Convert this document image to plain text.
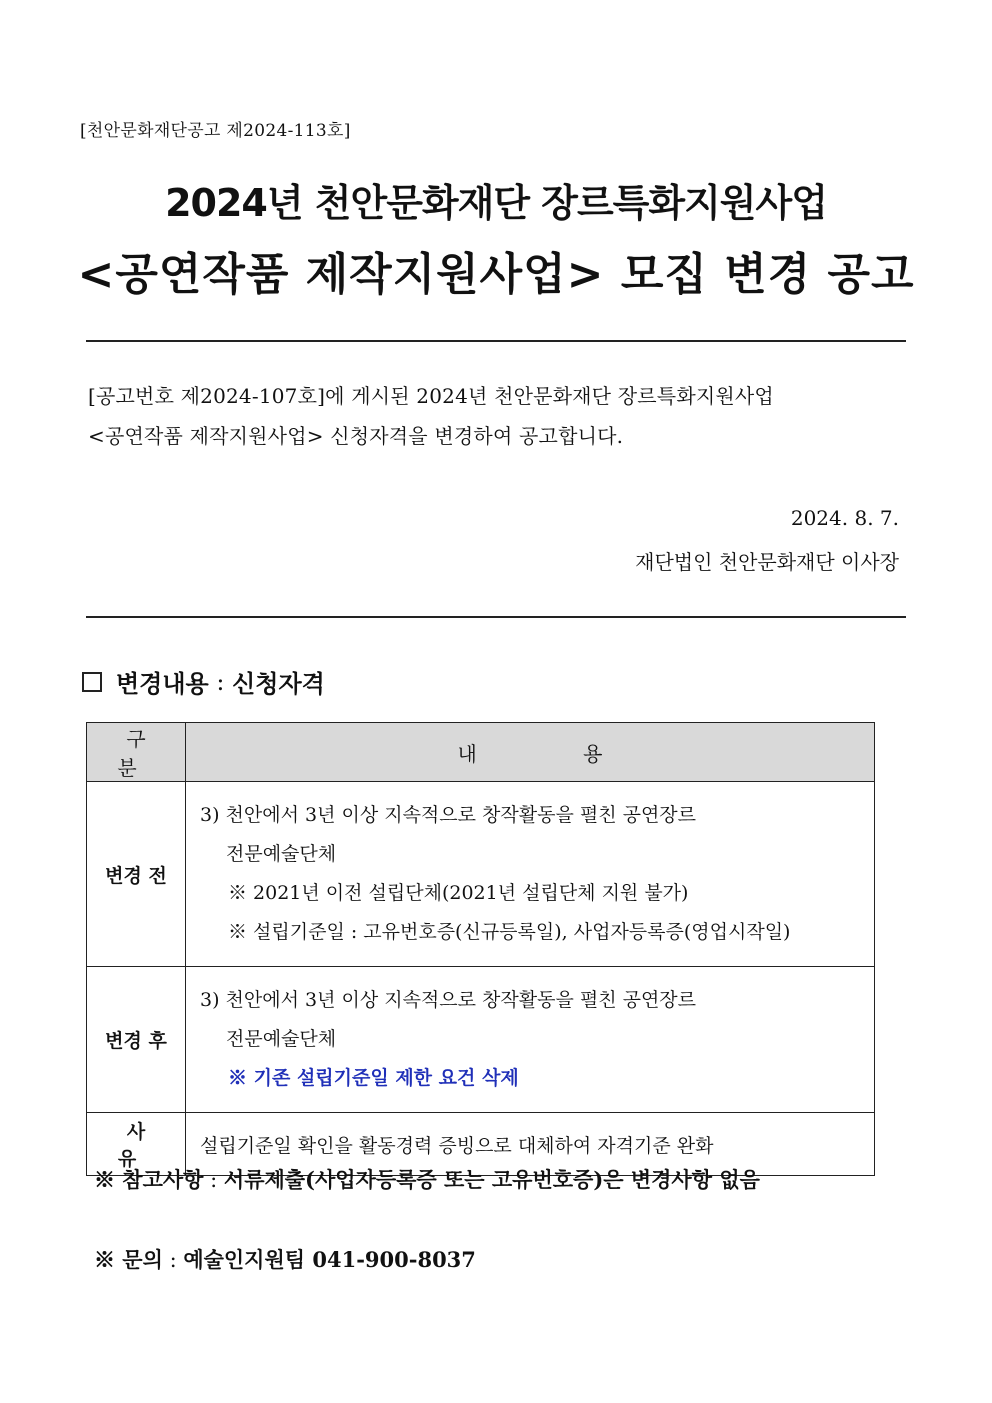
[천안문화재단공고 제2024-113호]
2024년 천안문화재단 장르특화지원사업
<공연작품 제작지원사업> 모집 변경 공고

[공고번호 제2024-107호]에 게시된 2024년 천안문화재단 장르특화지원사업

<공연작품 제작지원사업> 신청자격을 변경하여 공고합니다.

2024. 8. 7.
재단법인 천안문화재단 이사장
변경내용 : 신청자격
구 분	내 용
변경 전	3) 천안에서 3년 이상 지속적으로 창작활동을 펼친 공연장르
전문예술단체
※ 2021년 이전 설립단체(2021년 설립단체 지원 불가)
※ 설립기준일 : 고유번호증(신규등록일), 사업자등록증(영업시작일)

변경 후	3) 천안에서 3년 이상 지속적으로 창작활동을 펼친 공연장르
전문예술단체
※ 기존 설립기준일 제한 요건 삭제

사 유	설립기준일 확인을 활동경력 증빙으로 대체하여 자격기준 완화
※ 참고사항 : 서류제출(사업자등록증 또는 고유번호증)은 변경사항 없음
※ 문의 : 예술인지원팀 041-900-8037
